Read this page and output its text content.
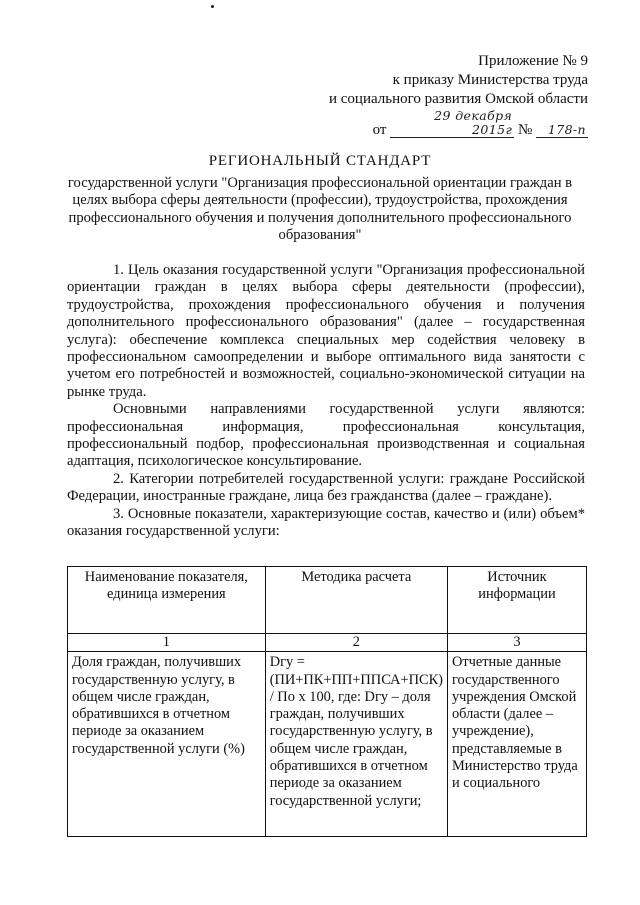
Приложение № 9
к приказу Министерства труда
и социального развития Омской области
от 29 декабря 2015г № 178-п
РЕГИОНАЛЬНЫЙ СТАНДАРТ
государственной услуги "Организация профессиональной ориентации граждан в целях выбора сферы деятельности (профессии), трудоустройства, прохождения профессионального обучения и получения дополнительного профессионального образования"

1. Цель оказания государственной услуги "Организация профессиональной ориентации граждан в целях выбора сферы деятельности (профессии), трудоустройства, прохождения профессионального обучения и получения дополнительного профессионального образования" (далее – государственная услуга): обеспечение комплекса специальных мер содействия человеку в профессиональном самоопределении и выборе оптимального вида занятости с учетом его потребностей и возможностей, социально-экономической ситуации на рынке труда.

Основными направлениями государственной услуги являются: профессиональная информация, профессиональная консультация, профессиональный подбор, профессиональная производственная и социальная адаптация, психологическое консультирование.

2. Категории потребителей государственной услуги: граждане Российской Федерации, иностранные граждане, лица без гражданства (далее – граждане).

3. Основные показатели, характеризующие состав, качество и (или) объем* оказания государственной услуги:

Наименование показателя, единица измерения	Методика расчета	Источник информации
1	2	3
Доля граждан, получивших государственную услугу, в общем числе граждан, обратившихся в отчетном периоде за оказанием государственной услуги (%)	Dгу = (ПИ+ПК+ПП+ППСА+ПСК) / По х 100, где: Dгу – доля граждан, получивших государственную услугу, в общем числе граждан, обратившихся в отчетном периоде за оказанием государственной услуги;	Отчетные данные государственного учреждения Омской области (далее – учреждение), представляемые в Министерство труда и социального
